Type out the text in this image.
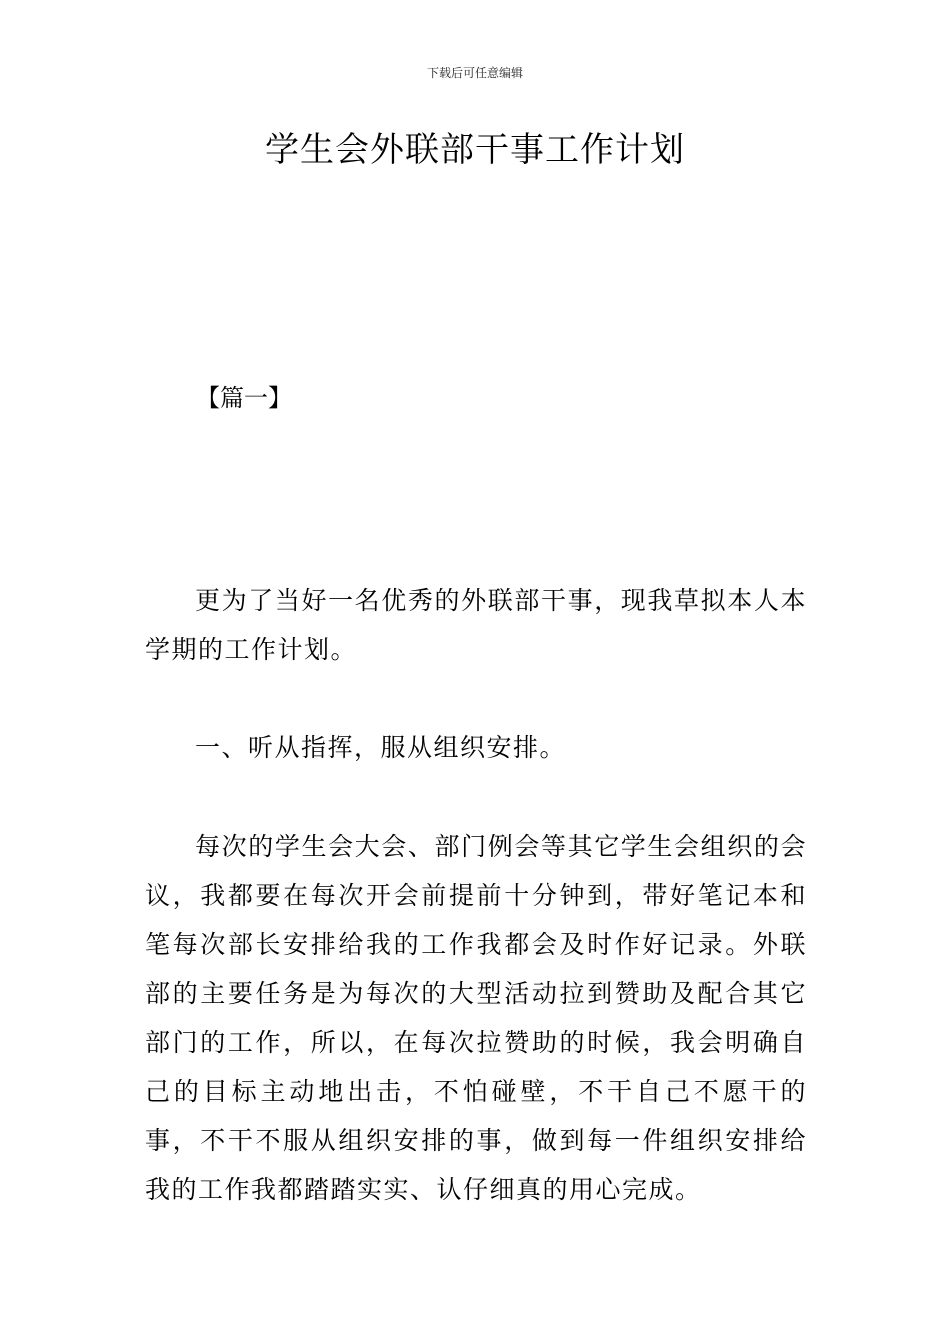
下载后可任意编辑
学生会外联部干事工作计划
【篇一】

更为了当好一名优秀的外联部干事，现我草拟本人本学期的工作计划。

一、听从指挥，服从组织安排。

每次的学生会大会、部门例会等其它学生会组织的会议，我都要在每次开会前提前十分钟到，带好笔记本和笔每次部长安排给我的工作我都会及时作好记录。外联部的主要任务是为每次的大型活动拉到赞助及配合其它部门的工作，所以，在每次拉赞助的时候，我会明确自己的目标主动地出击，不怕碰壁，不干自己不愿干的事，不干不服从组织安排的事，做到每一件组织安排给我的工作我都踏踏实实、认仔细真的用心完成。
